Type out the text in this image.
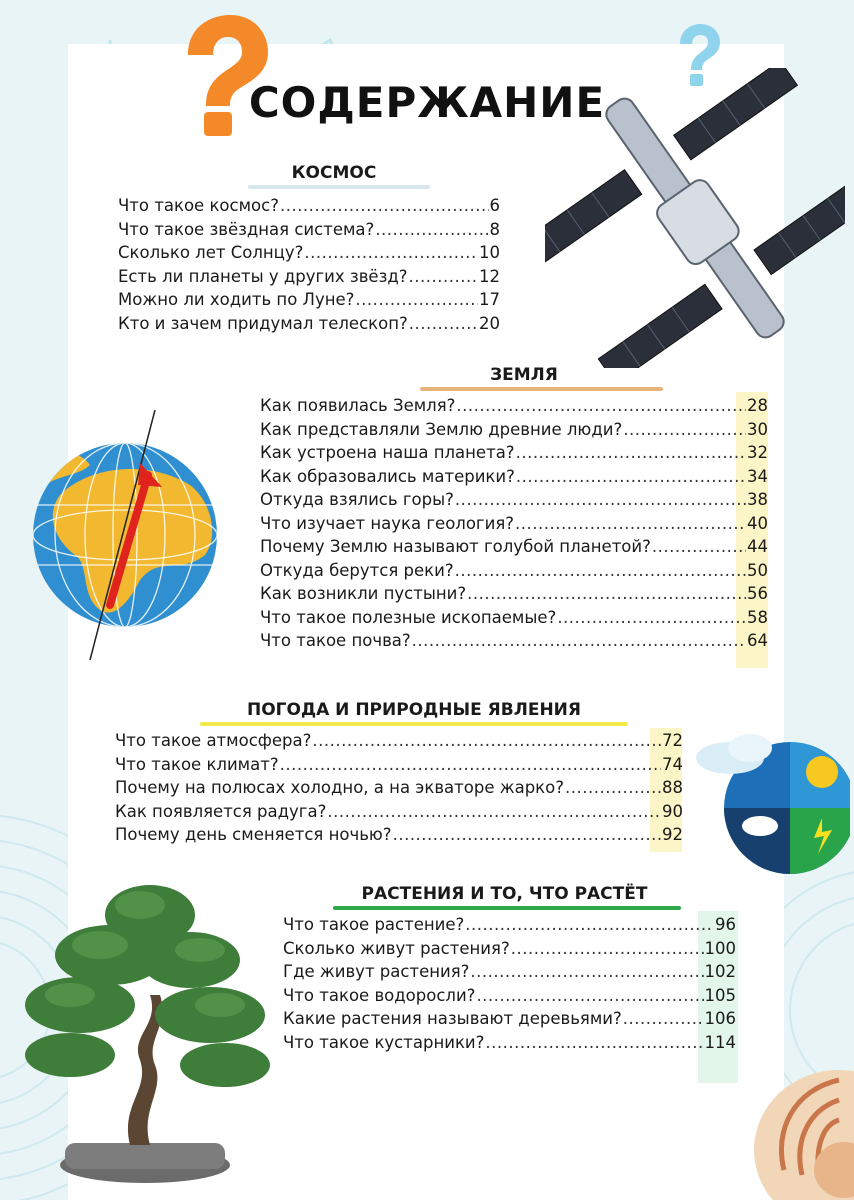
СОДЕРЖАНИЕ
КОСМОС
Что такое космос? .....	6
Что такое звёздная система? .....	8
Сколько лет Солнцу? .....	10
Есть ли планеты у других звёзд? .....	12
Можно ли ходить по Луне? .....	17
Кто и зачем придумал телескоп? .....	20
ЗЕМЛЯ
Как появилась Земля? .....	28
Как представляли Землю древние люди? .....	30
Как устроена наша планета? .....	32
Как образовались материки? .....	34
Откуда взялись горы? .....	38
Что изучает наука геология? .....	40
Почему Землю называют голубой планетой? .....	44
Откуда берутся реки? .....	50
Как возникли пустыни? .....	56
Что такое полезные ископаемые? .....	58
Что такое почва? .....	64
ПОГОДА И ПРИРОДНЫЕ ЯВЛЕНИЯ
Что такое атмосфера? .....	72
Что такое климат? .....	74
Почему на полюсах холодно, а на экваторе жарко? .....	88
Как появляется радуга? .....	90
Почему день сменяется ночью? .....	92
РАСТЕНИЯ И ТО, ЧТО РАСТЁТ
Что такое растение? .....	96
Сколько живут растения? .....	100
Где живут растения? .....	102
Что такое водоросли? .....	105
Какие растения называют деревьями? .....	106
Что такое кустарники? .....	114
